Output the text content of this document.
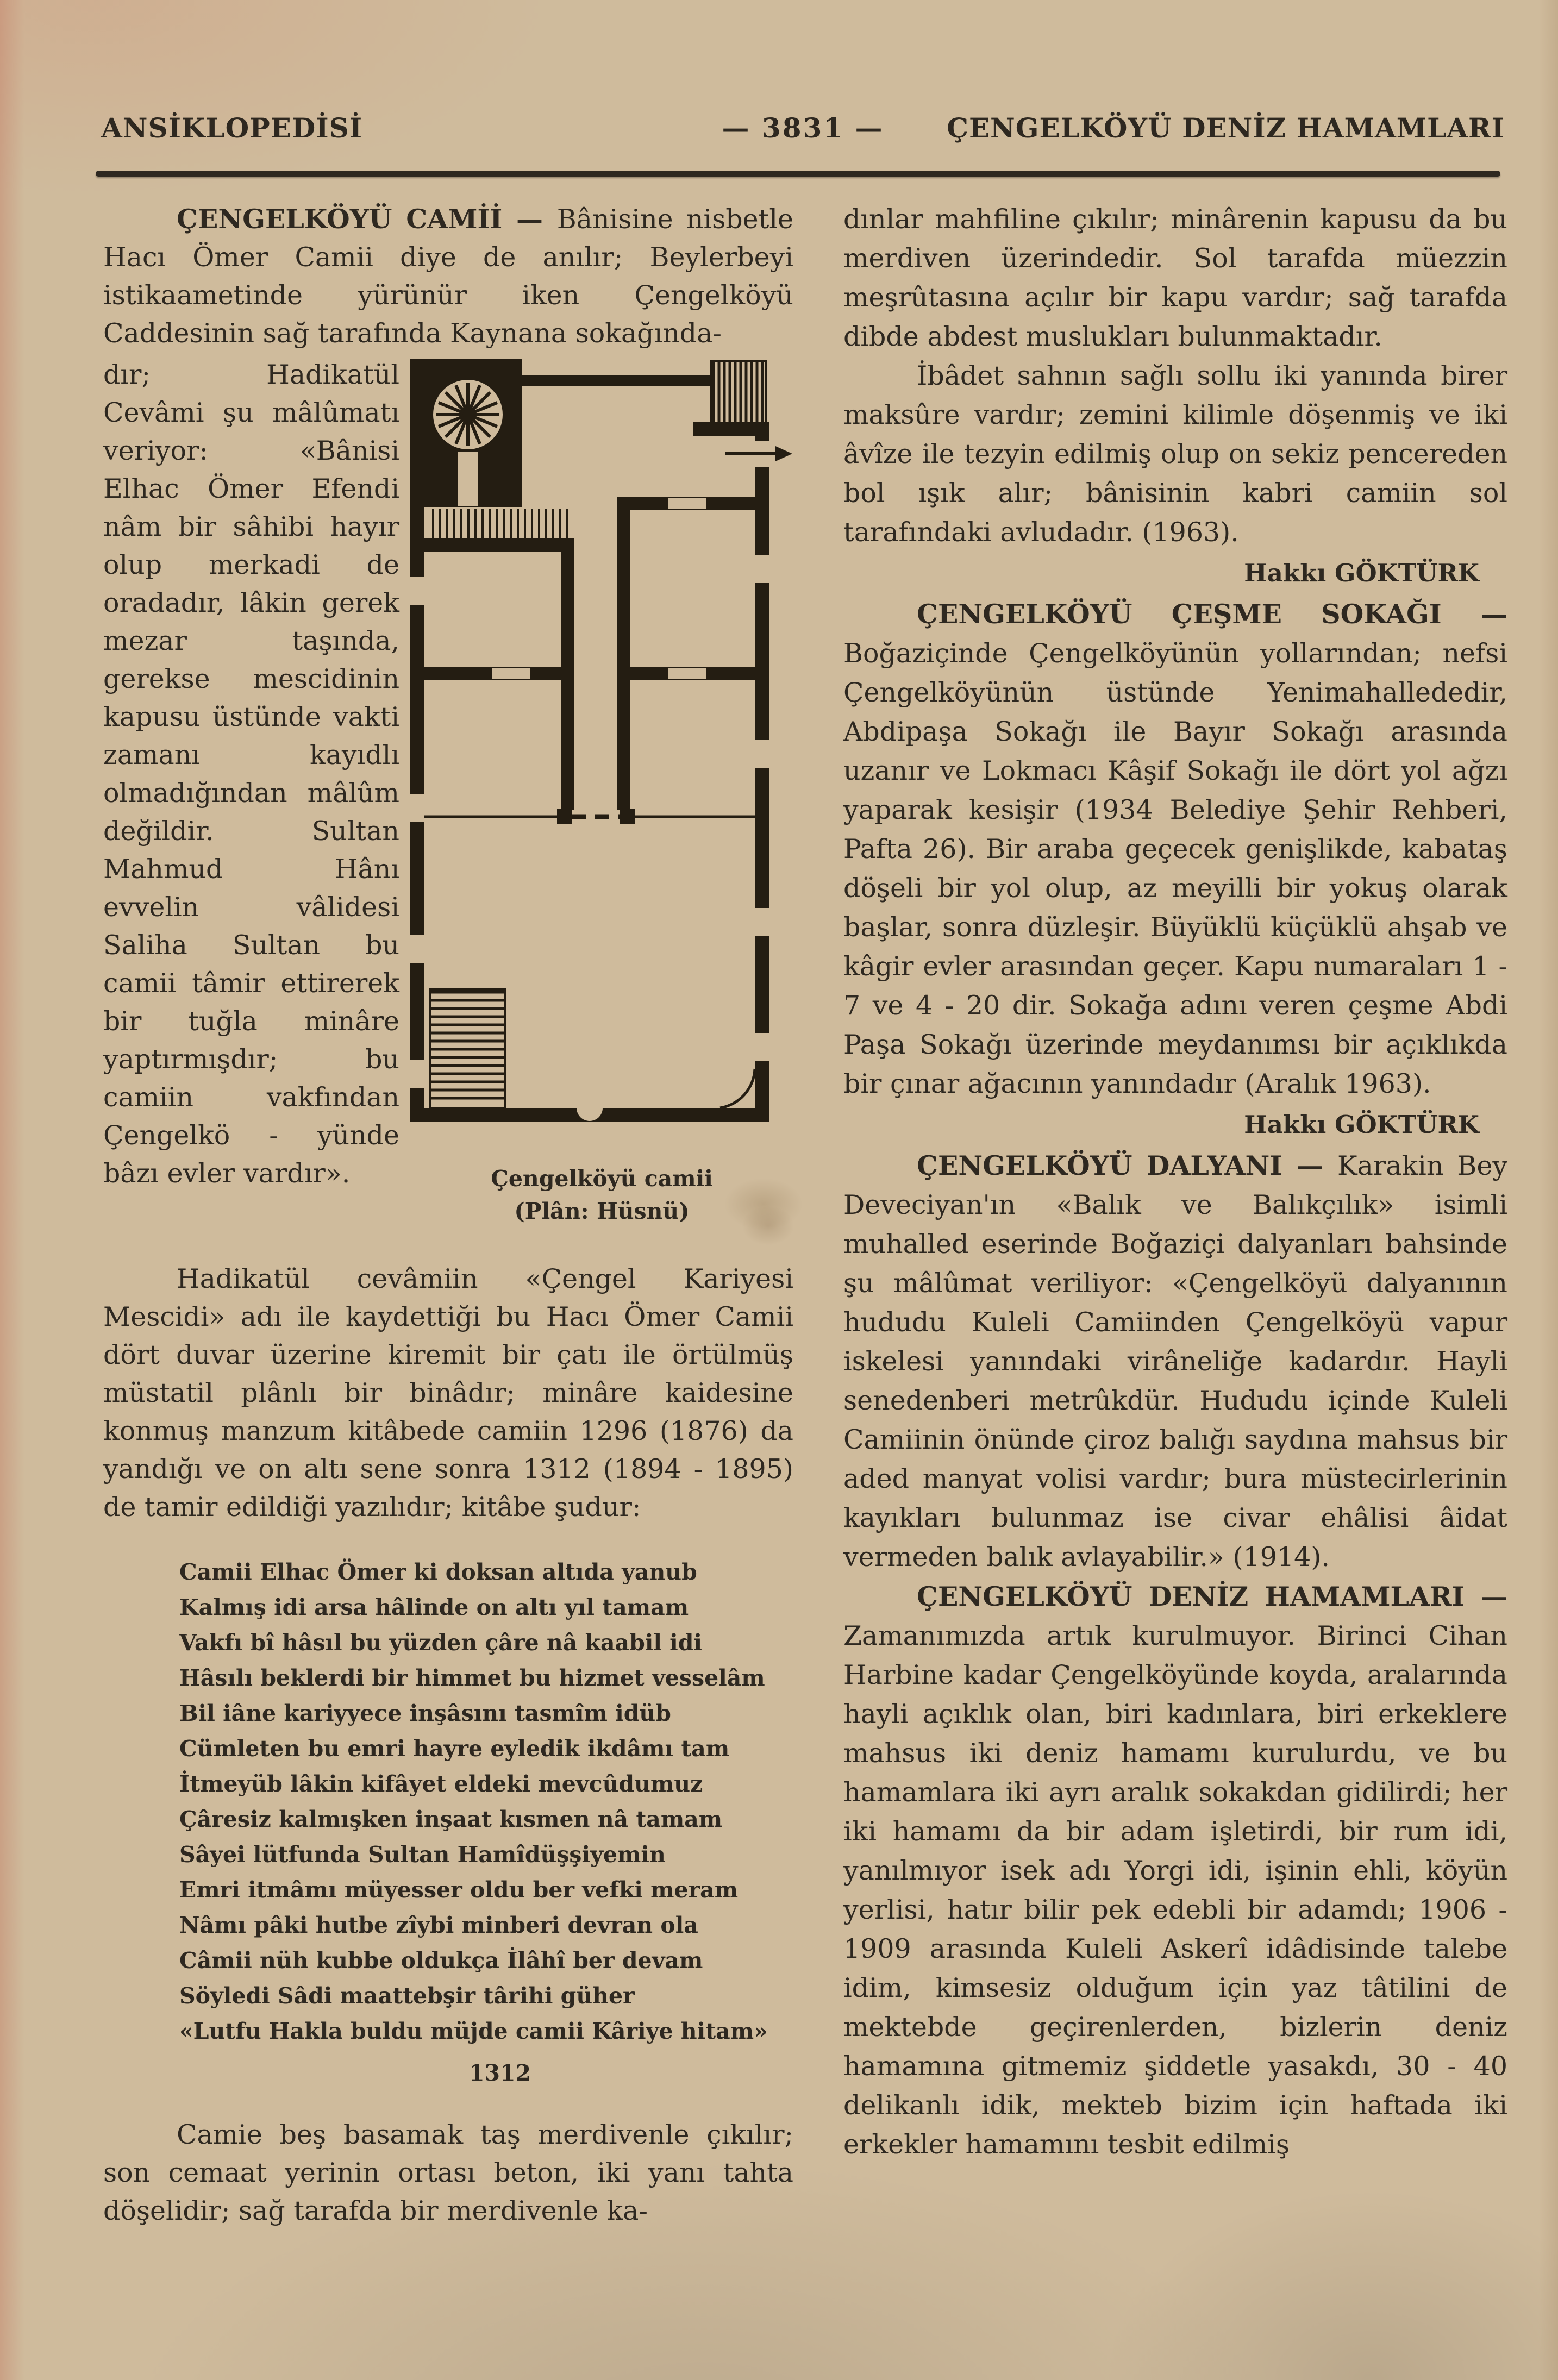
ANSİKLOPEDİSİ	— 3831 — ÇENGELKÖYÜ DENİZ HAMAMLARI

ÇENGELKÖYÜ CAMİİ — Bânisine nisbetle Hacı Ömer Camii diye de anılır; Beylerbeyi istikaametinde yürünür iken Çengelköyü Caddesinin sağ tarafında Kaynana sokağında-

dır; Hadikatül Cevâmi şu mâlûmatı veriyor: «Bânisi Elhac Ömer Efendi nâm bir sâhibi hayır olup merkadi de oradadır, lâkin gerek mezar taşında, gerekse mescidinin kapusu üstünde vakti zamanı kayıdlı olmadığından mâlûm değildir. Sultan Mahmud Hânı evvelin vâlidesi Saliha Sultan bu camii tâmir ettirerek bir tuğla minâre yaptırmışdır; bu camiin vakfından Çengelkö - yünde bâzı evler vardır».	Çengelköyü camii
(Plân: Hüsnü)

Hadikatül cevâmiin «Çengel Kariyesi Mescidi» adı ile kaydettiği bu Hacı Ömer Camii dört duvar üzerine kiremit bir çatı ile örtülmüş müstatil plânlı bir binâdır; minâre kaidesine konmuş manzum kitâbede camiin 1296 (1876) da yandığı ve on altı sene sonra 1312 (1894 - 1895) de tamir edildiği yazılıdır; kitâbe şudur:

Camii Elhac Ömer ki doksan altıda yanub
Kalmış idi arsa hâlinde on altı yıl tamam
Vakfı bî hâsıl bu yüzden çâre nâ kaabil idi
Hâsılı beklerdi bir himmet bu hizmet vesselâm
Bil iâne kariyyece inşâsını tasmîm idüb
Cümleten bu emri hayre eyledik ikdâmı tam
İtmeyüb lâkin kifâyet eldeki mevcûdumuz
Çâresiz kalmışken inşaat kısmen nâ tamam
Sâyei lütfunda Sultan Hamîdüşşiyemin
Emri itmâmı müyesser oldu ber vefki meram
Nâmı pâki hutbe zîybi minberi devran ola
Câmii nüh kubbe oldukça İlâhî ber devam
Söyledi Sâdi maattebşir târihi güher
«Lutfu Hakla buldu müjde camii Kâriye hitam»
1312

Camie beş basamak taş merdivenle çıkılır; son cemaat yerinin ortası beton, iki yanı tahta döşelidir; sağ tarafda bir merdivenle ka-

dınlar mahfiline çıkılır; minârenin kapusu da bu merdiven üzerindedir. Sol tarafda müezzin meşrûtasına açılır bir kapu vardır; sağ tarafda dibde abdest muslukları bulunmaktadır.

İbâdet sahnın sağlı sollu iki yanında birer maksûre vardır; zemini kilimle döşenmiş ve iki âvîze ile tezyin edilmiş olup on sekiz pencereden bol ışık alır; bânisinin kabri camiin sol tarafındaki avludadır. (1963).

Hakkı GÖKTÜRK

ÇENGELKÖYÜ ÇEŞME SOKAĞI — Boğaziçinde Çengelköyünün yollarından; nefsi Çengelköyünün üstünde Yenimahallededir, Abdipaşa Sokağı ile Bayır Sokağı arasında uzanır ve Lokmacı Kâşif Sokağı ile dört yol ağzı yaparak kesişir (1934 Belediye Şehir Rehberi, Pafta 26). Bir araba geçecek genişlikde, kabataş döşeli bir yol olup, az meyilli bir yokuş olarak başlar, sonra düzleşir. Büyüklü küçüklü ahşab ve kâgir evler arasından geçer. Kapu numaraları 1 - 7 ve 4 - 20 dir. Sokağa adını veren çeşme Abdi Paşa Sokağı üzerinde meydanımsı bir açıklıkda bir çınar ağacının yanındadır (Aralık 1963).

Hakkı GÖKTÜRK

ÇENGELKÖYÜ DALYANI — Karakin Bey Deveciyan'ın «Balık ve Balıkçılık» isimli muhalled eserinde Boğaziçi dalyanları bahsinde şu mâlûmat veriliyor: «Çengelköyü dalyanının hududu Kuleli Camiinden Çengelköyü vapur iskelesi yanındaki virâneliğe kadardır. Hayli senedenberi metrûkdür. Hududu içinde Kuleli Camiinin önünde çiroz balığı saydına mahsus bir aded manyat volisi vardır; bura müstecirlerinin kayıkları bulunmaz ise civar ehâlisi âidat vermeden balık avlayabilir.» (1914).

ÇENGELKÖYÜ DENİZ HAMAMLARI — Zamanımızda artık kurulmuyor. Birinci Cihan Harbine kadar Çengelköyünde koyda, aralarında hayli açıklık olan, biri kadınlara, biri erkeklere mahsus iki deniz hamamı kurulurdu, ve bu hamamlara iki ayrı aralık sokakdan gidilirdi; her iki hamamı da bir adam işletirdi, bir rum idi, yanılmıyor isek adı Yorgi idi, işinin ehli, köyün yerlisi, hatır bilir pek edebli bir adamdı; 1906 - 1909 arasında Kuleli Askerî idâdisinde talebe idim, kimsesiz olduğum için yaz tâtilini de mektebde geçirenlerden, bizlerin deniz hamamına gitmemiz şiddetle yasakdı, 30 - 40 delikanlı idik, mekteb bizim için haftada iki erkekler hamamını tesbit edilmiş
